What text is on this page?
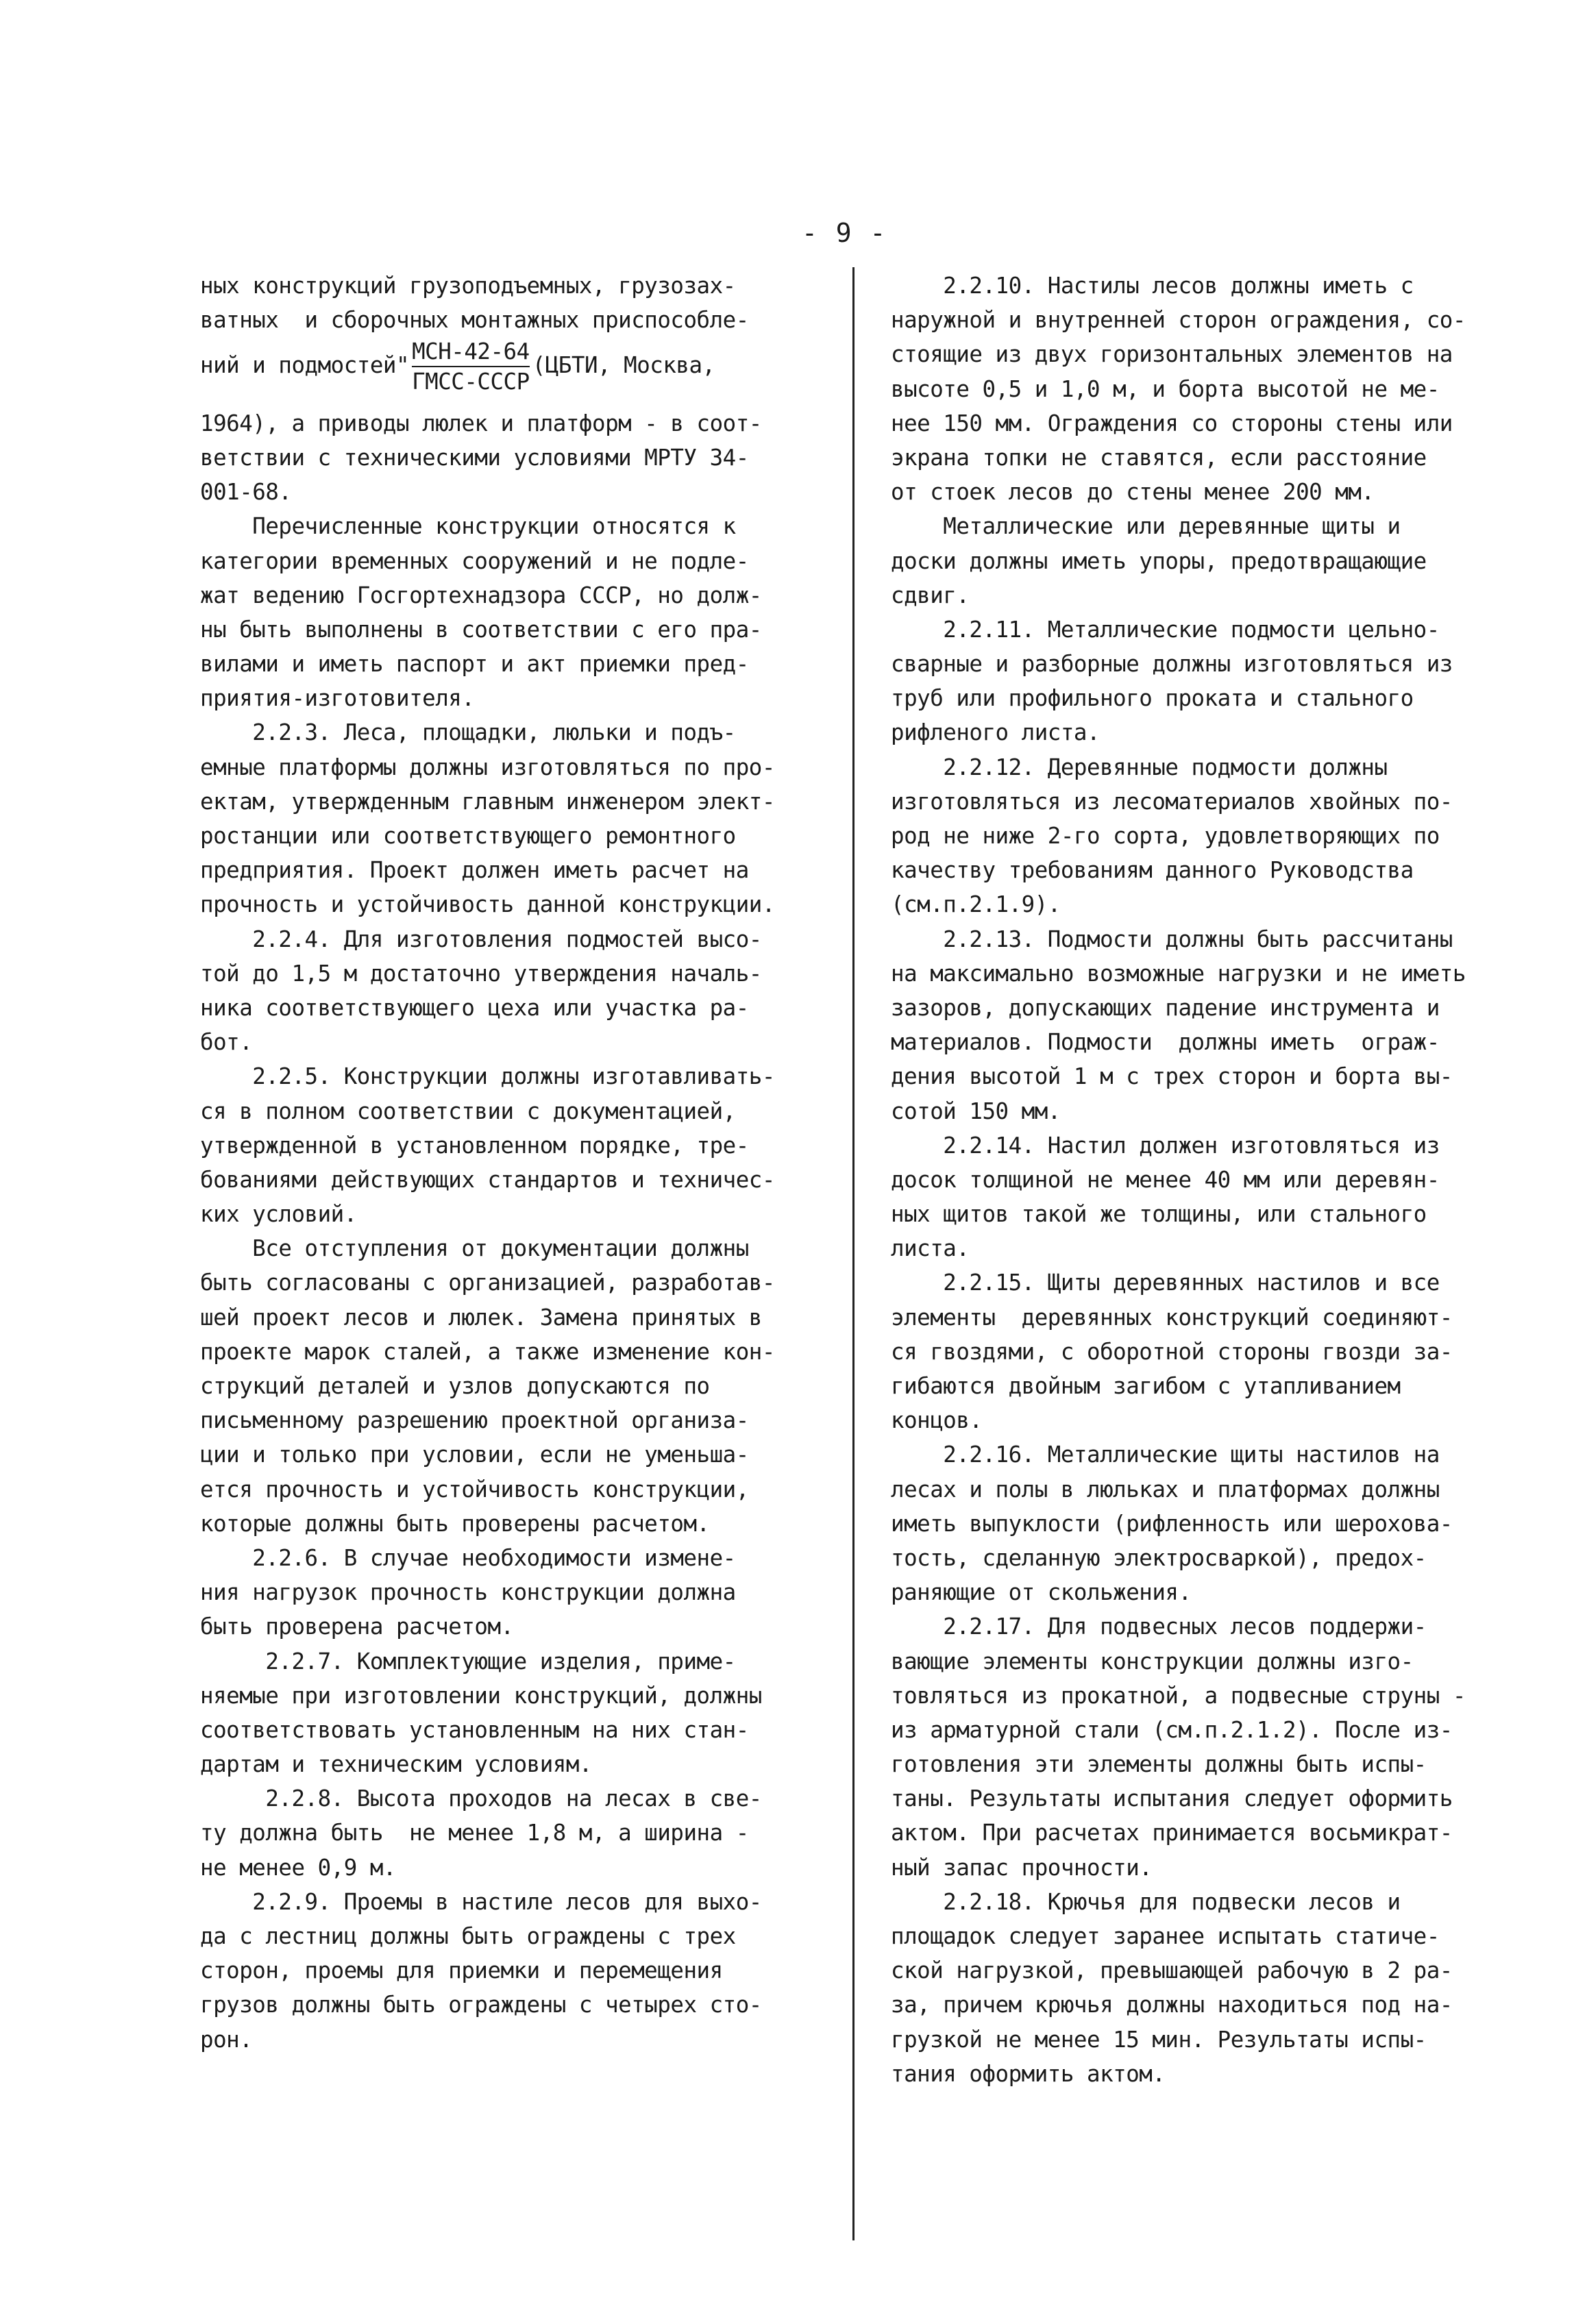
- 9 -
ных конструкций грузоподъемных, грузозах-
ватных  и сборочных монтажных приспособле-
ний и подмостей" $\frac{\text{МСН-42-64}}{\text{ГМСС-СССР}}$ (ЦБТИ, Москва,
1964), а приводы люлек и платформ - в соот-
ветствии с техническими условиями МРТУ 34-
001-68.
Перечисленные конструкции относятся к
категории временных сооружений и не подле-
жат ведению Госгортехнадзора СССР, но долж-
ны быть выполнены в соответствии с его пра-
вилами и иметь паспорт и акт приемки пред-
приятия-изготовителя.
2.2.3. Леса, площадки, люльки и подъ-
емные платформы должны изготовляться по про-
ектам, утвержденным главным инженером элект-
ростанции или соответствующего ремонтного
предприятия. Проект должен иметь расчет на
прочность и устойчивость данной конструкции.
2.2.4. Для изготовления подмостей высо-
той до 1,5 м достаточно утверждения началь-
ника соответствующего цеха или участка ра-
бот.
2.2.5. Конструкции должны изготавливать-
ся в полном соответствии с документацией,
утвержденной в установленном порядке, тре-
бованиями действующих стандартов и техничес-
ких условий.
Все отступления от документации должны
быть согласованы с организацией, разработав-
шей проект лесов и люлек. Замена принятых в
проекте марок сталей, а также изменение кон-
струкций деталей и узлов допускаются по
письменному разрешению проектной организа-
ции и только при условии, если не уменьша-
ется прочность и устойчивость конструкции,
которые должны быть проверены расчетом.
2.2.6. В случае необходимости измене-
ния нагрузок прочность конструкции должна
быть проверена расчетом.
2.2.7. Комплектующие изделия, приме-
няемые при изготовлении конструкций, должны
соответствовать установленным на них стан-
дартам и техническим условиям.
2.2.8. Высота проходов на лесах в све-
ту должна быть  не менее 1,8 м, а ширина -
не менее 0,9 м.
2.2.9. Проемы в настиле лесов для выхо-
да с лестниц должны быть ограждены с трех
сторон, проемы для приемки и перемещения
грузов должны быть ограждены с четырех сто-
рон.
2.2.10. Настилы лесов должны иметь с
наружной и внутренней сторон ограждения, со-
стоящие из двух горизонтальных элементов на
высоте 0,5 и 1,0 м, и борта высотой не ме-
нее 150 мм. Ограждения со стороны стены или
экрана топки не ставятся, если расстояние
от стоек лесов до стены менее 200 мм.
Металлические или деревянные щиты и
доски должны иметь упоры, предотвращающие
сдвиг.
2.2.11. Металлические подмости цельно-
сварные и разборные должны изготовляться из
труб или профильного проката и стального
рифленого листа.
2.2.12. Деревянные подмости должны
изготовляться из лесоматериалов хвойных по-
род не ниже 2-го сорта, удовлетворяющих по
качеству требованиям данного Руководства
(см.п.2.1.9).
2.2.13. Подмости должны быть рассчитаны
на максимально возможные нагрузки и не иметь
зазоров, допускающих падение инструмента и
материалов. Подмости  должны иметь  ограж-
дения высотой 1 м с трех сторон и борта вы-
сотой 150 мм.
2.2.14. Настил должен изготовляться из
досок толщиной не менее 40 мм или деревян-
ных щитов такой же толщины, или стального
листа.
2.2.15. Щиты деревянных настилов и все
элементы  деревянных конструкций соединяют-
ся гвоздями, с оборотной стороны гвозди за-
гибаются двойным загибом с утапливанием
концов.
2.2.16. Металлические щиты настилов на
лесах и полы в люльках и платформах должны
иметь выпуклости (рифленность или шерохова-
тость, сделанную электросваркой), предох-
раняющие от скольжения.
2.2.17. Для подвесных лесов поддержи-
вающие элементы конструкции должны изго-
товляться из прокатной, а подвесные струны -
из арматурной стали (см.п.2.1.2). После из-
готовления эти элементы должны быть испы-
таны. Результаты испытания следует оформить
актом. При расчетах принимается восьмикрат-
ный запас прочности.
2.2.18. Крючья для подвески лесов и
площадок следует заранее испытать статиче-
ской нагрузкой, превышающей рабочую в 2 ра-
за, причем крючья должны находиться под на-
грузкой не менее 15 мин. Результаты испы-
тания оформить актом.
